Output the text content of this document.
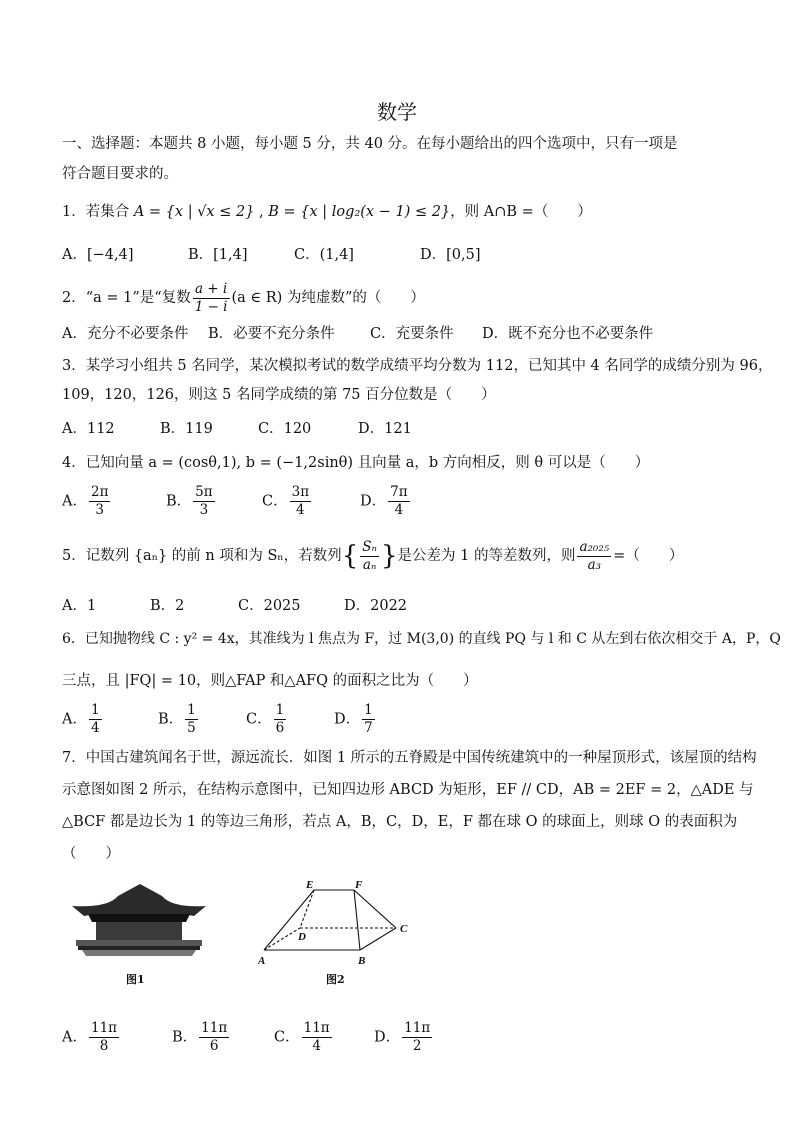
数学
一、选择题：本题共 8 小题，每小题 5 分，共 40 分。在每小题给出的四个选项中，只有一项是
符合题目要求的。
1．若集合 A = {x | √x ≤ 2} , B = {x | log₂(x − 1) ≤ 2}，则 A∩B =（　　）
A．[−4,4]	B．[1,4]	C．(1,4]	D．[0,5]
2．“a = 1”是“复数 $\frac{a + i}{1 - i} (a$ ∈ R) 为纯虚数”的（　　）
A．充分不必要条件 B．必要不充分条件 C．充要条件 D．既不充分也不必要条件
3．某学习小组共 5 名同学，某次模拟考试的数学成绩平均分数为 112，已知其中 4 名同学的成绩分别为 96，
109，120，126，则这 5 名同学成绩的第 75 百分位数是（　　）
A．112	B．119	C．120	D．121
4．已知向量 a = (cosθ,1), b = (−1,2sinθ) 且向量 a，b 方向相反，则 θ 可以是（　　）
A． $\frac{2\pi}{3}$	B． $\frac{5\pi}{3}$	C． $\frac{3\pi}{4}$	D． $\frac{7\pi}{4}$
5．记数列 {aₙ} 的前 n 项和为 Sₙ，若数列{ $\frac{\text{Sₙ}}{\text{aₙ}}$ }是公差为 1 的等差数列，则 $\frac{\text{a₂₀₂₅}}{\text{a₃}}$ =（　　）
A．1	B．2	C．2025	D．2022
6．已知抛物线 C : y² = 4x，其准线为 l 焦点为 F，过 M(3,0) 的直线 PQ 与 l 和 C 从左到右依次相交于 A，P，Q
三点，且 |FQ| = 10，则△FAP 和△AFQ 的面积之比为（　　）
A． $\frac{1}{4}$	B． $\frac{1}{5}$	C． $\frac{1}{6}$	D． $\frac{1}{7}$
7．中国古建筑闻名于世，源远流长．如图 1 所示的五脊殿是中国传统建筑中的一种屋顶形式，该屋顶的结构
示意图如图 2 所示，在结构示意图中，已知四边形 ABCD 为矩形，EF // CD，AB = 2EF = 2，△ADE 与
△BCF 都是边长为 1 的等边三角形，若点 A，B，C，D，E，F 都在球 O 的球面上，则球 O 的表面积为
（　　）
图1
E	F
D
C
A	B
图2
A． $\frac{11\pi}{8}$	B． $\frac{11\pi}{6}$	C． $\frac{11\pi}{4}$	D． $\frac{11\pi}{2}$
